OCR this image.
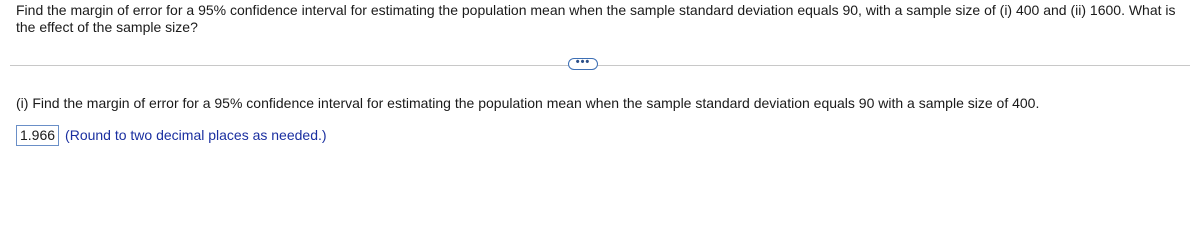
Find the margin of error for a 95% confidence interval for estimating the population mean when the sample standard deviation equals 90, with a sample size of (i) 400 and (ii) 1600. What is the effect of the sample size?
•••
(i) Find the margin of error for a 95% confidence interval for estimating the population mean when the sample standard deviation equals 90 with a sample size of 400.
1.966 (Round to two decimal places as needed.)
